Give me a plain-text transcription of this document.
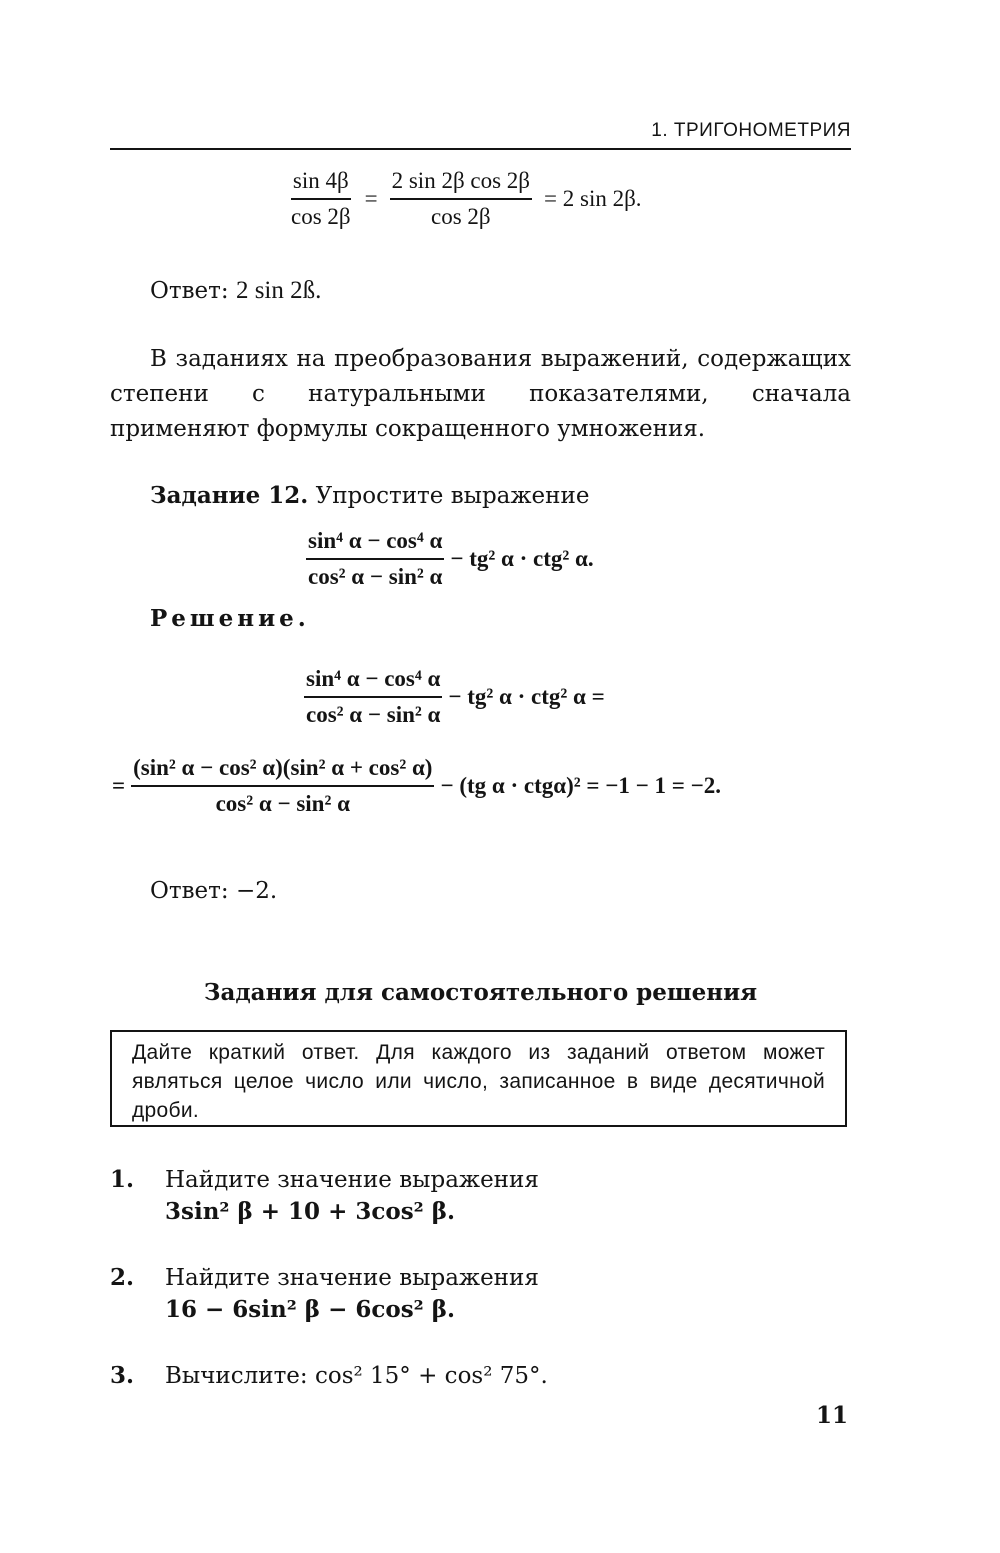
1. ТРИГОНОМЕТРИЯ
$\frac{\sin 4\beta}{\cos 2\beta} = \frac{\text{2 sin 2β cos 2β}}{\cos 2\beta} = 2$ sin 2β.
Ответ: 2 sin 2ß.
В заданиях на преобразования выражений, содержащих степени с натуральными показателями, сначала применяют формулы сокращенного умножения.
Задание 12. Упростите выражение
$\frac{\text{sin⁴ α − cos⁴ α}}{\text{cos² α − sin² α}} - tg^2$ α · ctg² α.
Решение.
$\frac{\text{sin⁴ α − cos⁴ α}}{\text{cos² α − sin² α}} - tg^2$ α · ctg² α =
= $\frac{\text{(sin² α − cos² α)(sin² α + cos² α)}}{\text{cos² α − sin² α}} - (tg$ α · ctgα)² = −1 − 1 = −2.
Ответ: −2.
Задания для самостоятельного решения
Дайте краткий ответ. Для каждого из заданий ответом может являться целое число или число, записанное в виде десятичной дроби.
1. Найдите значение выражения
3sin² β + 10 + 3cos² β.
2. Найдите значение выражения
16 − 6sin² β − 6cos² β.
3. Вычислите: cos² 15° + cos² 75°.
11
